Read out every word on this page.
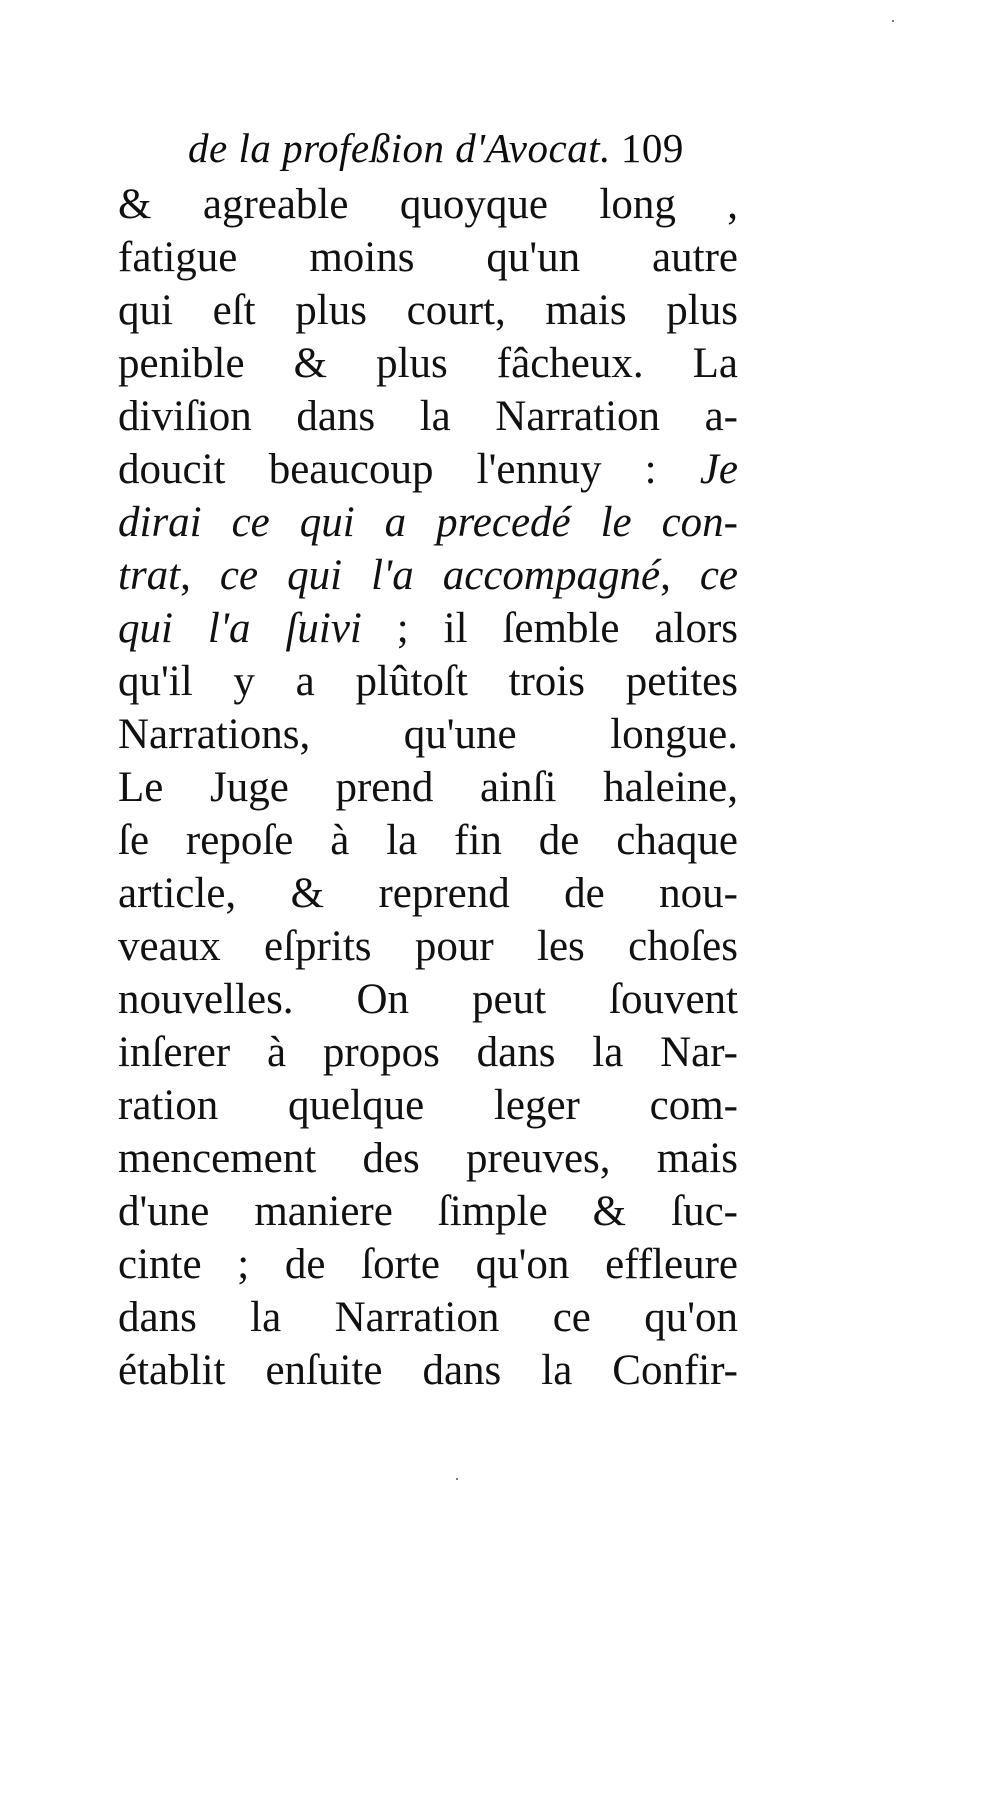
de la profeßion d'Avocat. 109
& agreable quoyque long ,
fatigue moins qu'un autre
qui eſt plus court, mais plus
penible & plus fâcheux. La
diviſion dans la Narration a-
doucit beaucoup l'ennuy : Je
dirai ce qui a precedé le con-
trat, ce qui l'a accompagné, ce
qui l'a ſuivi ; il ſemble alors
qu'il y a plûtoſt trois petites
Narrations, qu'une longue.
Le Juge prend ainſi haleine,
ſe repoſe à la fin de chaque
article, & reprend de nou-
veaux eſprits pour les choſes
nouvelles. On peut ſouvent
inſerer à propos dans la Nar-
ration quelque leger com-
mencement des preuves, mais
d'une maniere ſimple & ſuc-
cinte ; de ſorte qu'on effleure
dans la Narration ce qu'on
établit enſuite dans la Confir-
